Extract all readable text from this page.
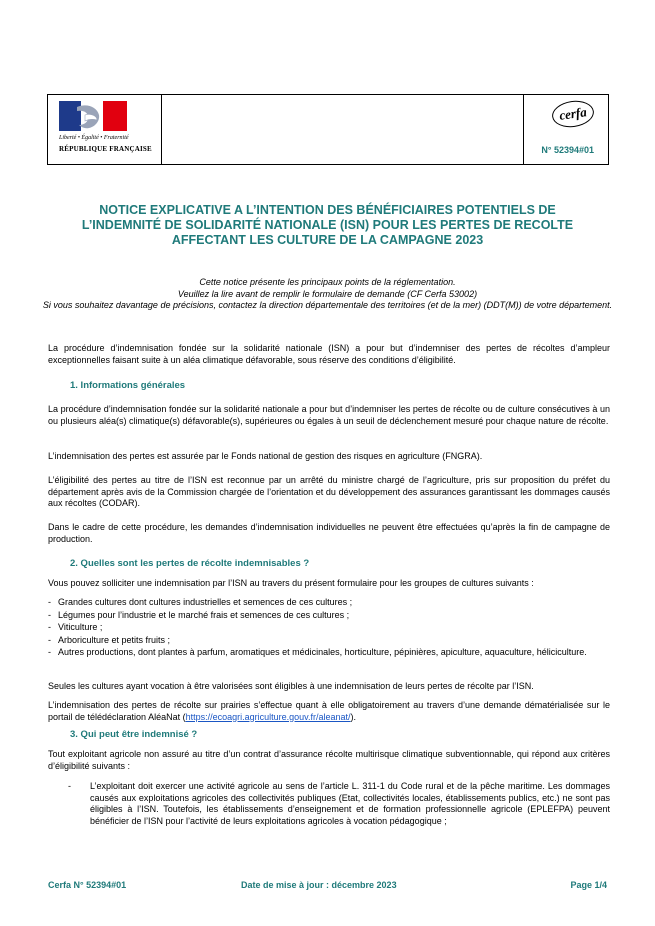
Liberté • Égalité • Fraternité
RÉPUBLIQUE FRANÇAISE
cerfa
N° 52394#01
NOTICE EXPLICATIVE A L’INTENTION DES BÉNÉFICIAIRES POTENTIELS DE L’INDEMNITÉ DE SOLIDARITÉ NATIONALE (ISN) POUR LES PERTES DE RECOLTE AFFECTANT LES CULTURE DE LA CAMPAGNE 2023
Cette notice présente les principaux points de la réglementation.
Veuillez la lire avant de remplir le formulaire de demande (CF Cerfa 53002)
Si vous souhaitez davantage de précisions, contactez la direction départementale des territoires (et de la mer) (DDT(M)) de votre département.
La procédure d’indemnisation fondée sur la solidarité nationale (ISN) a pour but d’indemniser des pertes de récoltes d’ampleur exceptionnelles faisant suite à un aléa climatique défavorable, sous réserve des conditions d’éligibilité.
1. Informations générales
La procédure d’indemnisation fondée sur la solidarité nationale a pour but d’indemniser les pertes de récolte ou de culture consécutives à un ou plusieurs aléa(s) climatique(s) défavorable(s), supérieures ou égales à un seuil de déclenchement mesuré pour chaque nature de récolte.
L’indemnisation des pertes est assurée par le Fonds national de gestion des risques en agriculture (FNGRA).
L’éligibilité des pertes au titre de l’ISN est reconnue par un arrêté du ministre chargé de l’agriculture, pris sur proposition du préfet du département après avis de la Commission chargée de l’orientation et du développement des assurances garantissant les dommages causés aux récoltes (CODAR).
Dans le cadre de cette procédure, les demandes d’indemnisation individuelles ne peuvent être effectuées qu’après la fin de campagne de production.
2. Quelles sont les pertes de récolte indemnisables ?
Vous pouvez solliciter une indemnisation par l’ISN au travers du présent formulaire pour les groupes de cultures suivants :
- Grandes cultures dont cultures industrielles et semences de ces cultures ;
- Légumes pour l’industrie et le marché frais et semences de ces cultures ;
- Viticulture ;
- Arboriculture et petits fruits ;
- Autres productions, dont plantes à parfum, aromatiques et médicinales, horticulture, pépinières, apiculture, aquaculture, héliciculture.
Seules les cultures ayant vocation à être valorisées sont éligibles à une indemnisation de leurs pertes de récolte par l’ISN.
L’indemnisation des pertes de récolte sur prairies s’effectue quant à elle obligatoirement au travers d’une demande dématérialisée sur le portail de télédéclaration AléaNat (https://ecoagri.agriculture.gouv.fr/aleanat/).
3. Qui peut être indemnisé ?
Tout exploitant agricole non assuré au titre d’un contrat d’assurance récolte multirisque climatique subventionnable, qui répond aux critères d’éligibilité suivants :
-	L’exploitant doit exercer une activité agricole au sens de l’article L. 311-1 du Code rural et de la pêche maritime. Les dommages causés aux exploitations agricoles des collectivités publiques (Etat, collectivités locales, établissements publics, etc.) ne sont pas éligibles à l’ISN. Toutefois, les établissements d’enseignement et de formation professionnelle agricole (EPLEFPA) peuvent bénéficier de l’ISN pour l’activité de leurs exploitations agricoles à vocation pédagogique ;
Cerfa N° 52394#01	Date de mise à jour : décembre 2023	Page 1/4
